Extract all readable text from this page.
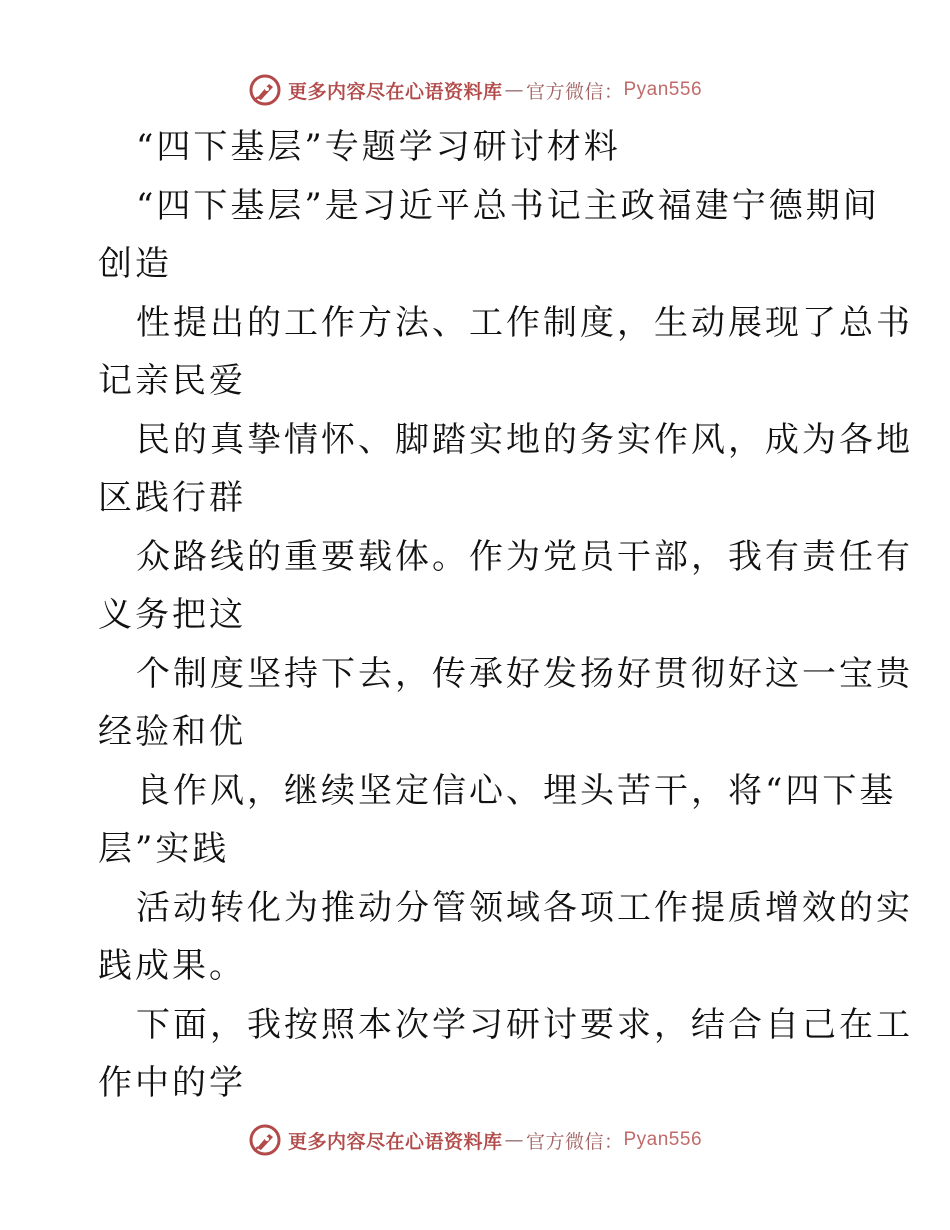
更多内容尽在心语资料库 — 官方微信： Pyan556
“四下基层”专题学习研讨材料
“四下基层”是习近平总书记主政福建宁德期间
创造
性提出的工作方法、工作制度，生动展现了总书
记亲民爱
民的真挚情怀、脚踏实地的务实作风，成为各地
区践行群
众路线的重要载体。作为党员干部，我有责任有
义务把这
个制度坚持下去，传承好发扬好贯彻好这一宝贵
经验和优
良作风，继续坚定信心、埋头苦干，将“四下基
层”实践
活动转化为推动分管领域各项工作提质增效的实
践成果。
下面，我按照本次学习研讨要求，结合自己在工
作中的学
更多内容尽在心语资料库 — 官方微信： Pyan556
